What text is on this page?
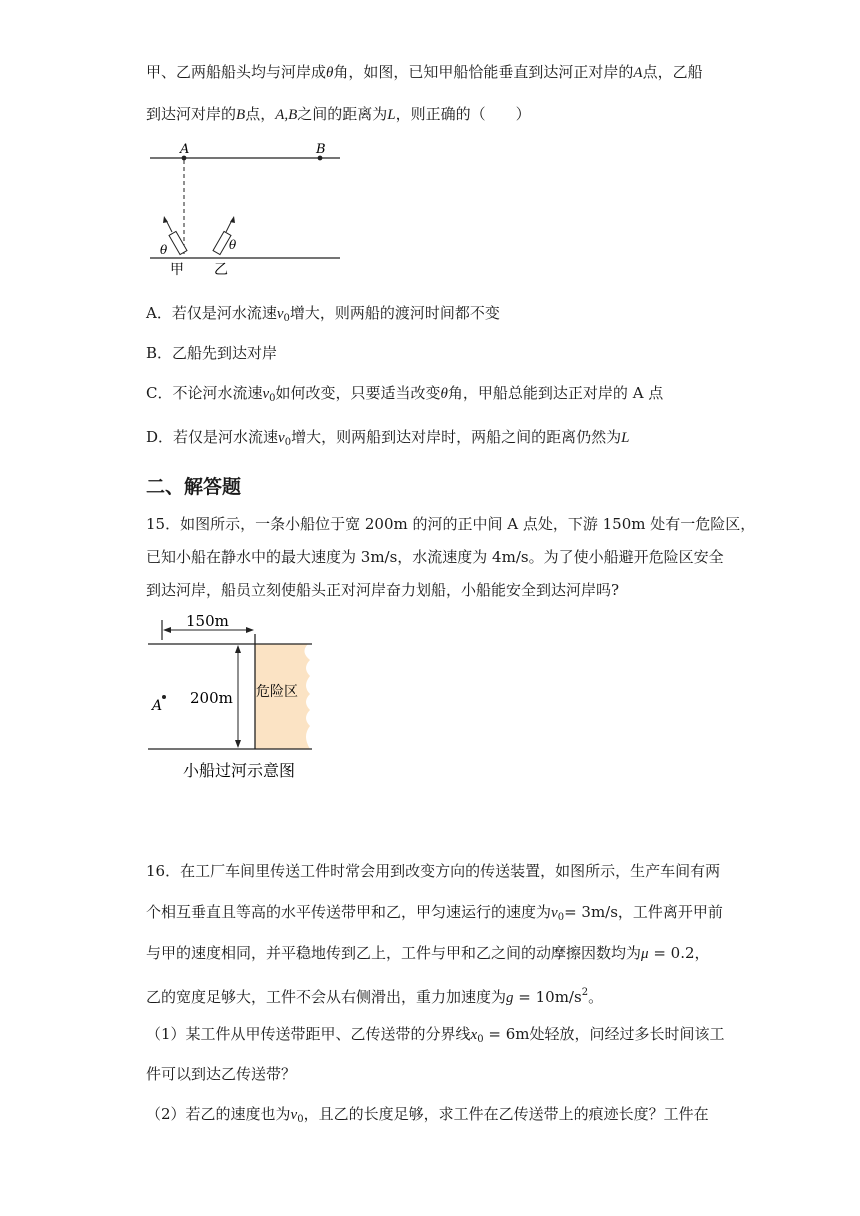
甲、乙两船船头均与河岸成θ角，如图，已知甲船恰能垂直到达河正对岸的A点，乙船
到达河对岸的B点，A,B之间的距离为L，则正确的（　　）
A	B
θ	θ
甲 乙
A．若仅是河水流速$v_0$增大，则两船的渡河时间都不变
B．乙船先到达对岸
C．不论河水流速$v_0$如何改变，只要适当改变θ角，甲船总能到达正对岸的 A 点
D．若仅是河水流速$v_0$增大，则两船到达对岸时，两船之间的距离仍然为L
二、解答题
15．如图所示，一条小船位于宽 200m 的河的正中间 A 点处，下游 150m 处有一危险区，
已知小船在静水中的最大速度为 3m/s，水流速度为 4m/s。为了使小船避开危险区安全
到达河岸，船员立刻使船头正对河岸奋力划船，小船能安全到达河岸吗?
150m
200m 危险区
A
小船过河示意图
16．在工厂车间里传送工件时常会用到改变方向的传送装置，如图所示，生产车间有两
个相互垂直且等高的水平传送带甲和乙，甲匀速运行的速度为$v_0= 3m/s$，工件离开甲前
与甲的速度相同，并平稳地传到乙上，工件与甲和乙之间的动摩擦因数均为μ = 0.2，
乙的宽度足够大，工件不会从右侧滑出，重力加速度为$g = 10m/s^2$。
（1）某工件从甲传送带距甲、乙传送带的分界线$x_0 = 6m$处轻放，问经过多长时间该工
件可以到达乙传送带？
（2）若乙的速度也为$v_0$，且乙的长度足够，求工件在乙传送带上的痕迹长度？工件在
